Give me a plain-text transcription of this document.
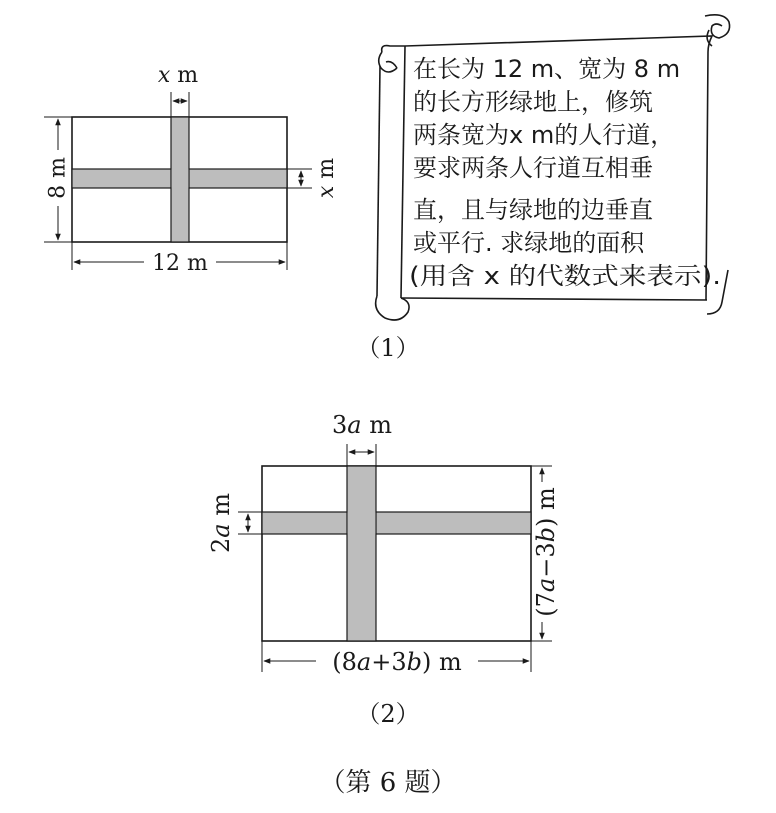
x m
x m
8 m
12 m
在长为 12 m、宽为 8 m
的长方形绿地上，修筑
两条宽为x m的人行道，
要求两条人行道互相垂
直，且与绿地的边垂直
或平行. 求绿地的面积
(用含 x 的代数式来表示).
（1）
3a m
2a m
(7a−3b) m
(8a+3b) m
（2）
（第 6 题）
